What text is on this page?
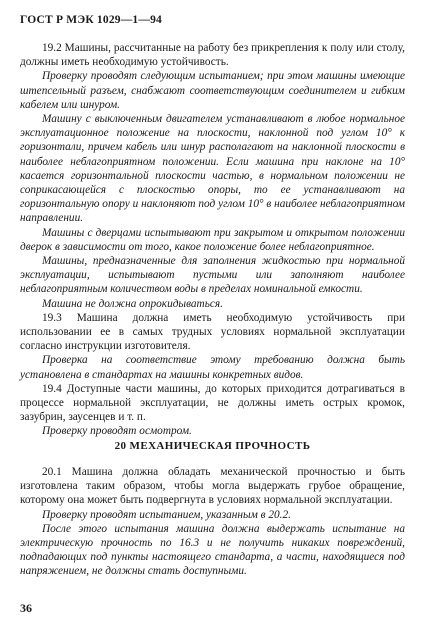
ГОСТ Р МЭК 1029—1—94

19.2 Машины, рассчитанные на работу без прикрепления к полу или столу, должны иметь необходимую устойчивость.

Проверку проводят следующим испытанием; при этом машины имеющие штепсельный разъем, снабжают соответствующим соединителем и гибким кабелем или шнуром.

Машину с выключенным двигателем устанавливают в любое нормальное эксплуатационное положение на плоскости, наклонной под углом 10° к горизонтали, причем кабель или шнур располагают на наклонной плоскости в наиболее неблагоприятном положении. Если машина при наклоне на 10° касается горизонтальной плоскости частью, в нормальном положении не соприкасающейся с плоскостью опоры, то ее устанавливают на горизонтальную опору и наклоняют под углом 10° в наиболее неблагоприятном направлении.

Машины с дверцами испытывают при закрытом и открытом положении дверок в зависимости от того, какое положение более неблагоприятное.

Машины, предназначенные для заполнения жидкостью при нормальной эксплуатации, испытывают пустыми или заполняют наиболее неблагоприятным количеством воды в пределах номинальной емкости.

Машина не должна опрокидываться.

19.3 Машина должна иметь необходимую устойчивость при использовании ее в самых трудных условиях нормальной эксплуатации согласно инструкции изготовителя.

Проверка на соответствие этому требованию должна быть установлена в стандартах на машины конкретных видов.

19.4 Доступные части машины, до которых приходится дотрагиваться в процессе нормальной эксплуатации, не должны иметь острых кромок, зазубрин, заусенцев и т. п.

Проверку проводят осмотром.

20 МЕХАНИЧЕСКАЯ ПРОЧНОСТЬ

20.1 Машина должна обладать механической прочностью и быть изготовлена таким образом, чтобы могла выдержать грубое обращение, которому она может быть подвергнута в условиях нормальной эксплуатации.

Проверку проводят испытанием, указанным в 20.2.

После этого испытания машина должна выдержать испытание на электрическую прочность по 16.3 и не получить никаких повреждений, подпадающих под пункты настоящего стандарта, а части, находящиеся под напряжением, не должны стать доступными.

36
